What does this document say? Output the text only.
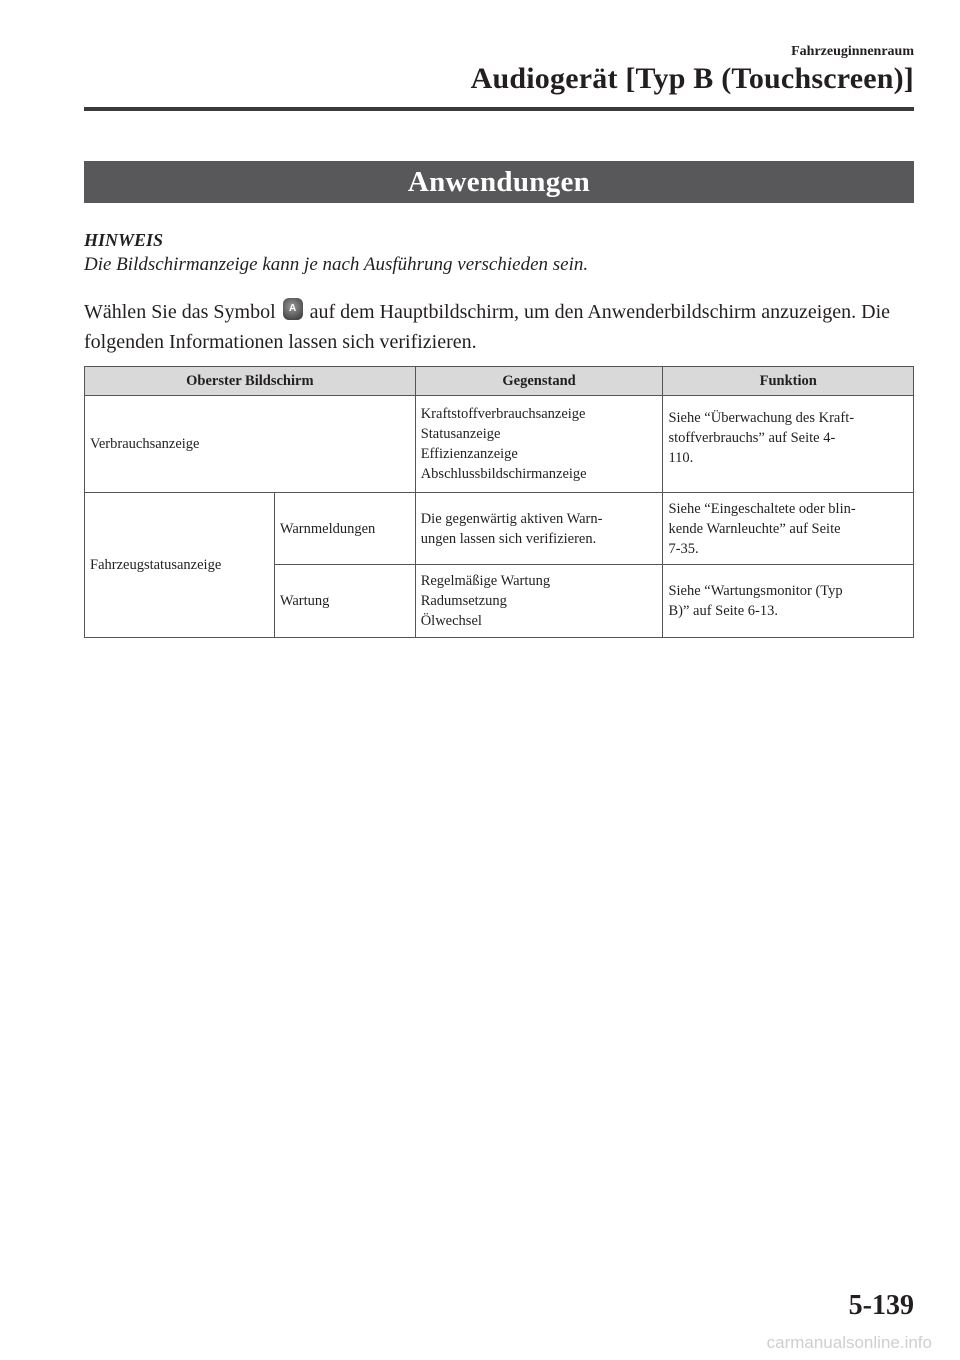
Fahrzeuginnenraum
Audiogerät [Typ B (Touchscreen)]
Anwendungen
HINWEIS
Die Bildschirmanzeige kann je nach Ausführung verschieden sein.
Wählen Sie das Symbol A auf dem Hauptbildschirm, um den Anwenderbildschirm anzuzeigen. Die folgenden Informationen lassen sich verifizieren.
Oberster Bildschirm		Gegenstand	Funktion
Verbrauchsanzeige		Kraftstoffverbrauchsanzeige
Statusanzeige
Effizienzanzeige
Abschlussbildschirmanzeige	Siehe “Überwachung des Kraft-
stoffverbrauchs” auf Seite 4-
110.

Fahrzeugstatusanzeige	Warnmeldungen	Die gegenwärtig aktiven Warn-
ungen lassen sich verifizieren.	Siehe “Eingeschaltete oder blin-
kende Warnleuchte” auf Seite
7-35.

	Wartung	Regelmäßige Wartung
Radumsetzung
Ölwechsel	Siehe “Wartungsmonitor (Typ
B)” auf Seite 6-13.
5-139
carmanualsonline.info
